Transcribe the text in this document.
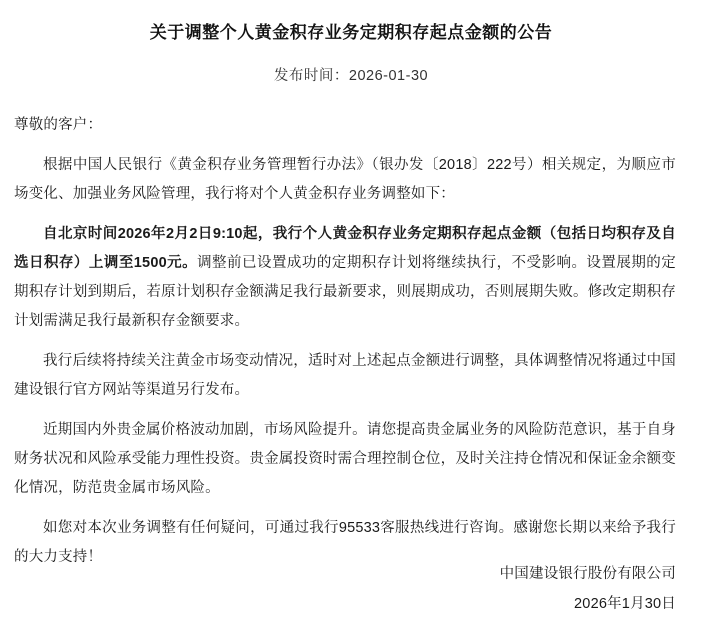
关于调整个人黄金积存业务定期积存起点金额的公告
发布时间：2026-01-30

尊敬的客户：

根据中国人民银行《黄金积存业务管理暂行办法》（银办发〔2018〕222号）相关规定，为顺应市场变化、加强业务风险管理，我行将对个人黄金积存业务调整如下：

自北京时间2026年2月2日9:10起，我行个人黄金积存业务定期积存起点金额（包括日均积存及自选日积存）上调至1500元。调整前已设置成功的定期积存计划将继续执行，不受影响。设置展期的定期积存计划到期后，若原计划积存金额满足我行最新要求，则展期成功，否则展期失败。修改定期积存计划需满足我行最新积存金额要求。

我行后续将持续关注黄金市场变动情况，适时对上述起点金额进行调整，具体调整情况将通过中国建设银行官方网站等渠道另行发布。

近期国内外贵金属价格波动加剧，市场风险提升。请您提高贵金属业务的风险防范意识，基于自身财务状况和风险承受能力理性投资。贵金属投资时需合理控制仓位，及时关注持仓情况和保证金余额变化情况，防范贵金属市场风险。

如您对本次业务调整有任何疑问，可通过我行95533客服热线进行咨询。感谢您长期以来给予我行的大力支持！

中国建设银行股份有限公司
2026年1月30日
